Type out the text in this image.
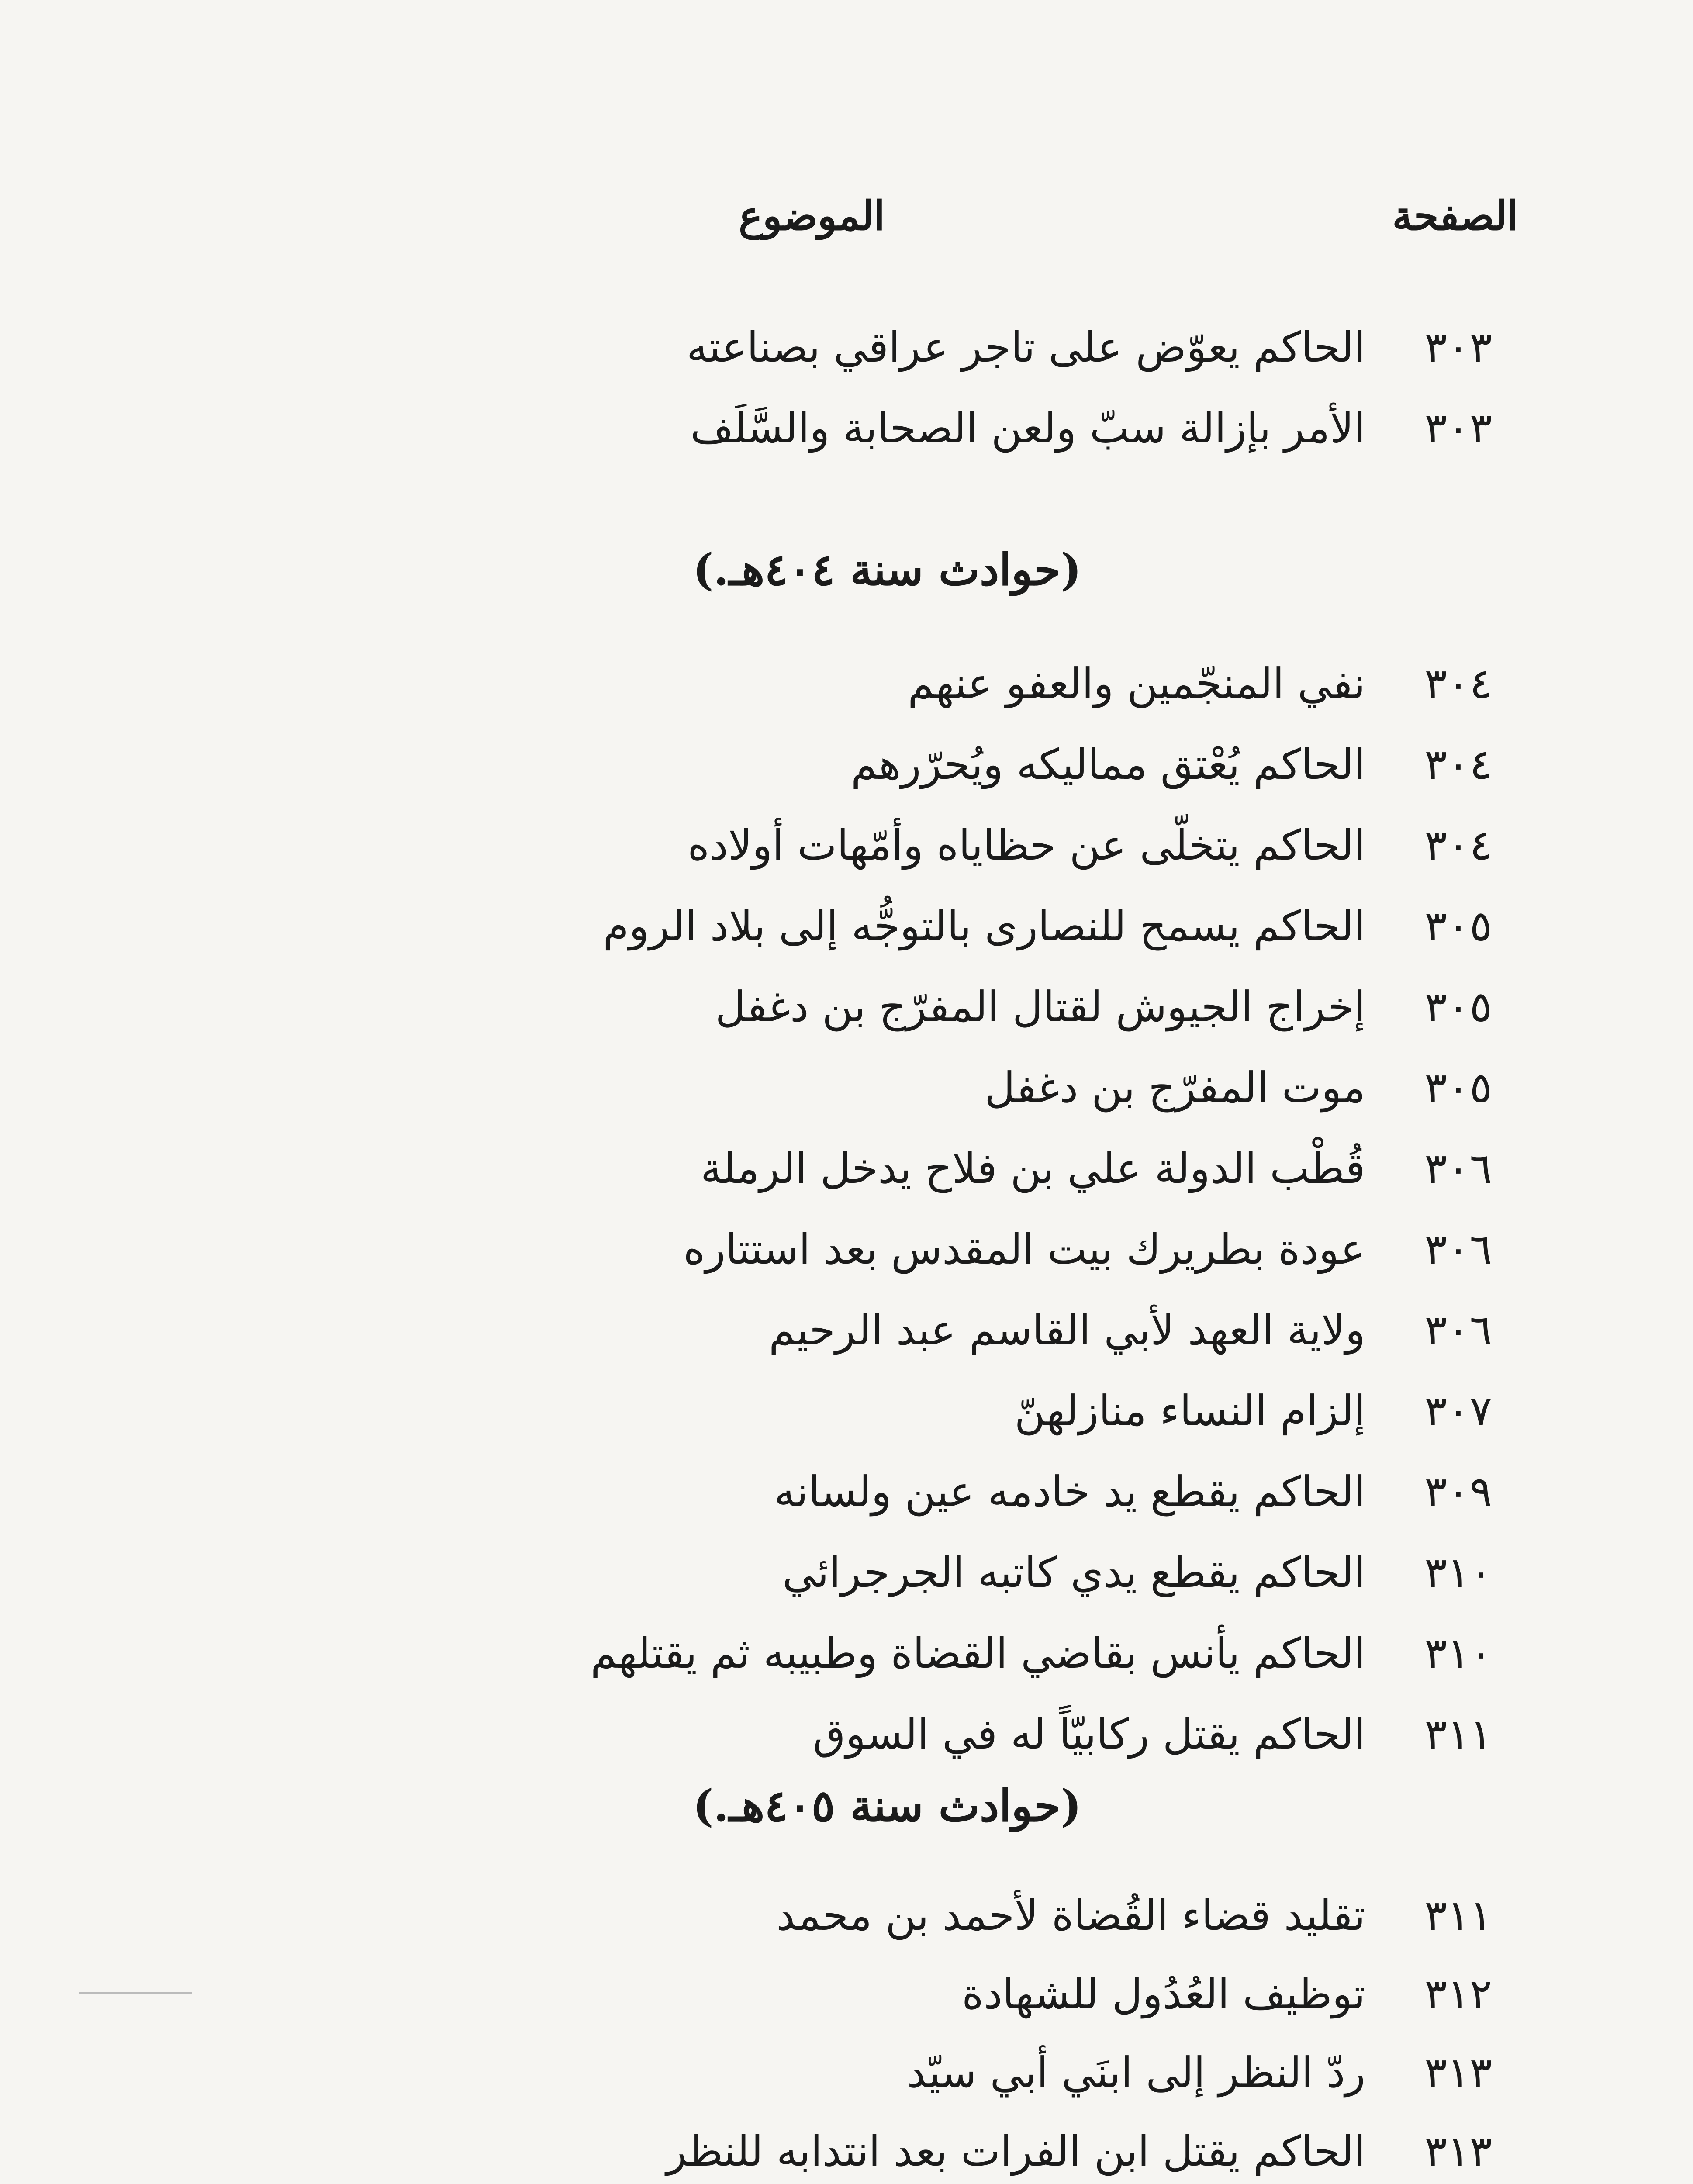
الصفحة
الموضوع
٣٠٣
الحاكم يعوّض على تاجر عراقي بصناعته
٣٠٣
الأمر بإزالة سبّ ولعن الصحابة والسَّلَف
(حوادث سنة ٤٠٤هـ.)
٣٠٤
نفي المنجّمين والعفو عنهم
٣٠٤
الحاكم يُعْتق مماليكه ويُحرّرهم
٣٠٤
الحاكم يتخلّى عن حظاياه وأمّهات أولاده
٣٠٥
الحاكم يسمح للنصارى بالتوجُّه إلى بلاد الروم
٣٠٥
إخراج الجيوش لقتال المفرّج بن دغفل
٣٠٥
موت المفرّج بن دغفل
٣٠٦
قُطْب الدولة علي بن فلاح يدخل الرملة
٣٠٦
عودة بطريرك بيت المقدس بعد استتاره
٣٠٦
ولاية العهد لأبي القاسم عبد الرحيم
٣٠٧
إلزام النساء منازلهنّ
٣٠٩
الحاكم يقطع يد خادمه عين ولسانه
٣١٠
الحاكم يقطع يدي كاتبه الجرجرائي
٣١٠
الحاكم يأنس بقاضي القضاة وطبيبه ثم يقتلهم
٣١١
الحاكم يقتل ركابيّاً له في السوق
(حوادث سنة ٤٠٥هـ.)
٣١١
تقليد قضاء القُضاة لأحمد بن محمد
٣١٢
توظيف العُدُول للشهادة
٣١٣
ردّ النظر إلى ابنَي أبي سيّد
٣١٣
الحاكم يقتل ابن الفرات بعد انتدابه للنظر
